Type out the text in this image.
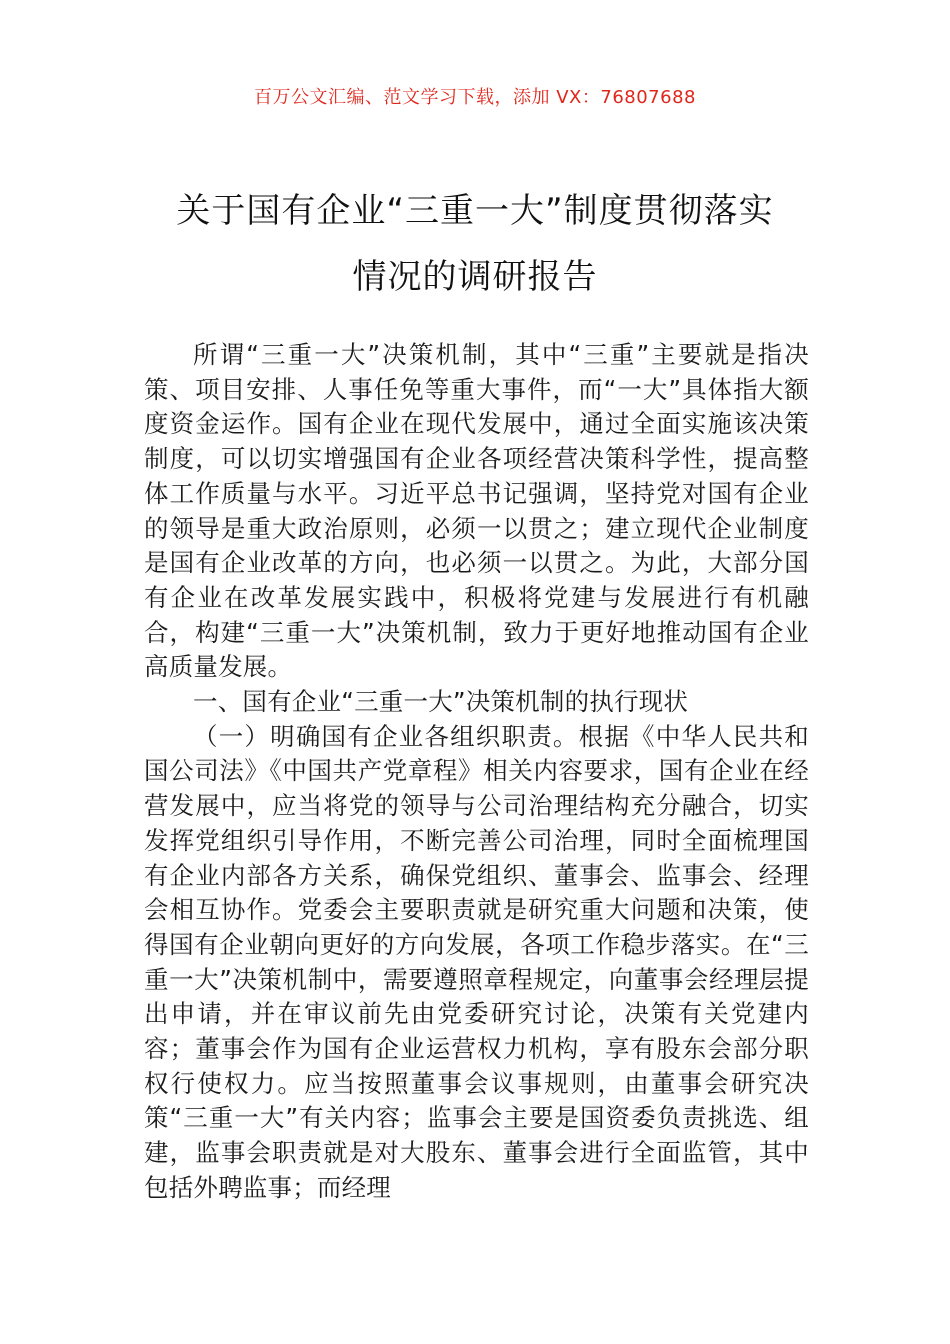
百万公文汇编、范文学习下载，添加 VX：76807688
关于国有企业“三重一大”制度贯彻落实
情况的调研报告

所谓“三重一大”决策机制，其中“三重”主要就是指决策、项目安排、人事任免等重大事件，而“一大”具体指大额度资金运作。国有企业在现代发展中，通过全面实施该决策制度，可以切实增强国有企业各项经营决策科学性，提高整体工作质量与水平。习近平总书记强调，坚持党对国有企业的领导是重大政治原则，必须一以贯之；建立现代企业制度是国有企业改革的方向，也必须一以贯之。为此，大部分国有企业在改革发展实践中，积极将党建与发展进行有机融合，构建“三重一大”决策机制，致力于更好地推动国有企业高质量发展。

一、国有企业“三重一大”决策机制的执行现状

（一）明确国有企业各组织职责。根据《中华人民共和国公司法》《中国共产党章程》相关内容要求，国有企业在经营发展中，应当将党的领导与公司治理结构充分融合，切实发挥党组织引导作用，不断完善公司治理，同时全面梳理国有企业内部各方关系，确保党组织、董事会、监事会、经理会相互协作。党委会主要职责就是研究重大问题和决策，使得国有企业朝向更好的方向发展，各项工作稳步落实。在“三重一大”决策机制中，需要遵照章程规定，向董事会经理层提出申请，并在审议前先由党委研究讨论，决策有关党建内容；董事会作为国有企业运营权力机构，享有股东会部分职权行使权力。应当按照董事会议事规则，由董事会研究决策“三重一大”有关内容；监事会主要是国资委负责挑选、组建，监事会职责就是对大股东、董事会进行全面监管，其中包括外聘监事；而经理
